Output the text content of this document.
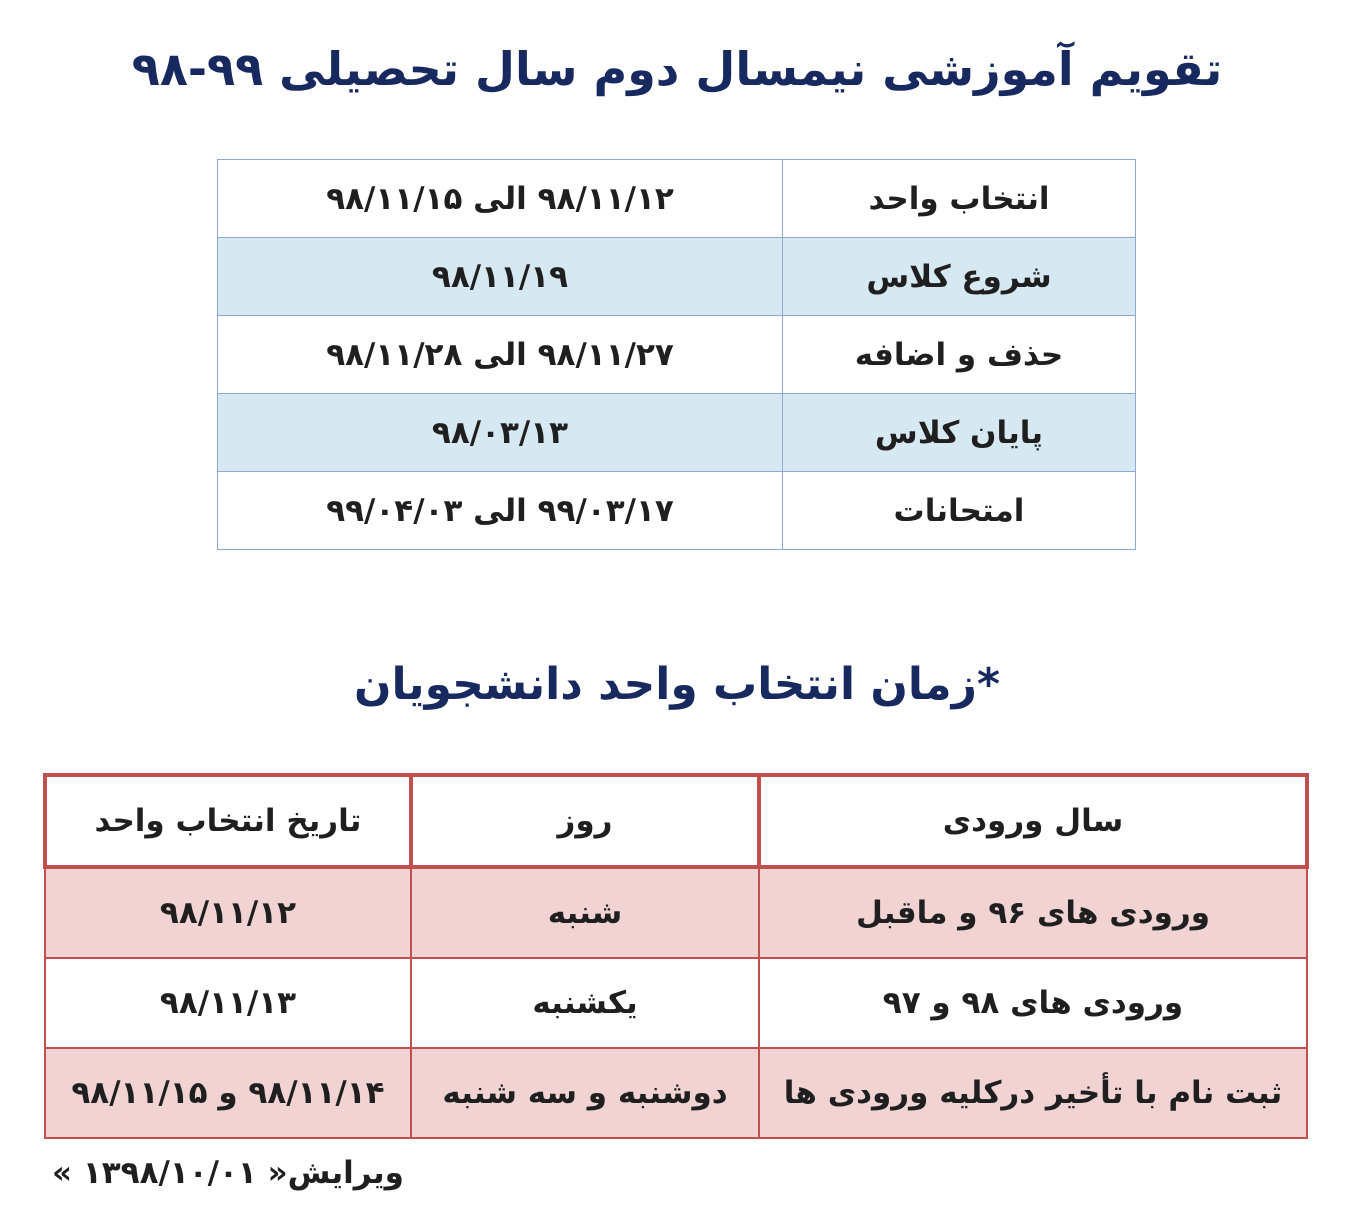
تقویم آموزشی نیمسال دوم سال تحصیلی ۹۹-۹۸
انتخاب واحد	۹۸/۱۱/۱۲ الی ۹۸/۱۱/۱۵
شروع کلاس	۹۸/۱۱/۱۹
حذف و اضافه	۹۸/۱۱/۲۷ الی ۹۸/۱۱/۲۸
پایان کلاس	۹۸/۰۳/۱۳
امتحانات	۹۹/۰۳/۱۷ الی ۹۹/۰۴/۰۳
*زمان انتخاب واحد دانشجویان
سال ورودی	روز	تاریخ انتخاب واحد
ورودی های ۹۶ و ماقبل	شنبه	۹۸/۱۱/۱۲
ورودی های ۹۸ و ۹۷	یکشنبه	۹۸/۱۱/۱۳
ثبت نام با تأخیر درکلیه ورودی ها	دوشنبه و سه شنبه	۹۸/۱۱/۱۴ و ۹۸/۱۱/۱۵
ویرایش« ۱۳۹۸/۱۰/۰۱ »
